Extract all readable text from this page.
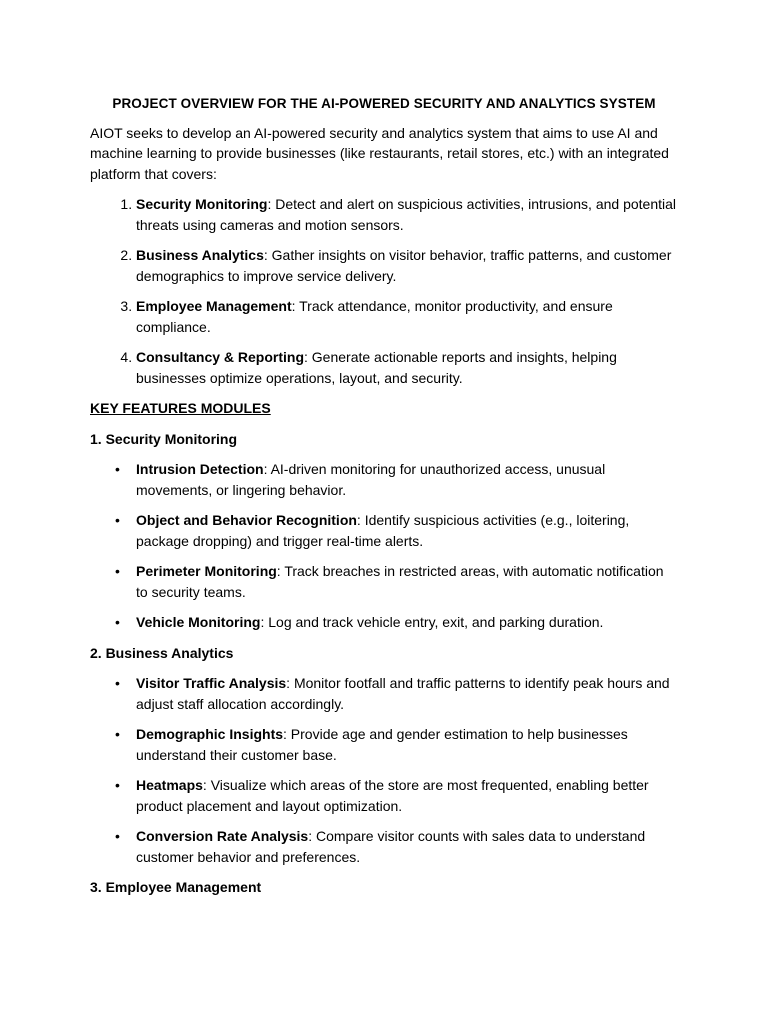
PROJECT OVERVIEW FOR THE AI-POWERED SECURITY AND ANALYTICS SYSTEM

AIOT seeks to develop an AI-powered security and analytics system that aims to use AI and machine learning to provide businesses (like restaurants, retail stores, etc.) with an integrated platform that covers:

1. Security Monitoring: Detect and alert on suspicious activities, intrusions, and potential threats using cameras and motion sensors.
2. Business Analytics: Gather insights on visitor behavior, traffic patterns, and customer demographics to improve service delivery.
3. Employee Management: Track attendance, monitor productivity, and ensure compliance.
4. Consultancy & Reporting: Generate actionable reports and insights, helping businesses optimize operations, layout, and security.
KEY FEATURES MODULES
1. Security Monitoring
• Intrusion Detection: AI-driven monitoring for unauthorized access, unusual movements, or lingering behavior.
• Object and Behavior Recognition: Identify suspicious activities (e.g., loitering, package dropping) and trigger real-time alerts.
• Perimeter Monitoring: Track breaches in restricted areas, with automatic notification to security teams.
• Vehicle Monitoring: Log and track vehicle entry, exit, and parking duration.
2. Business Analytics
• Visitor Traffic Analysis: Monitor footfall and traffic patterns to identify peak hours and adjust staff allocation accordingly.
• Demographic Insights: Provide age and gender estimation to help businesses understand their customer base.
• Heatmaps: Visualize which areas of the store are most frequented, enabling better product placement and layout optimization.
• Conversion Rate Analysis: Compare visitor counts with sales data to understand customer behavior and preferences.
3. Employee Management
